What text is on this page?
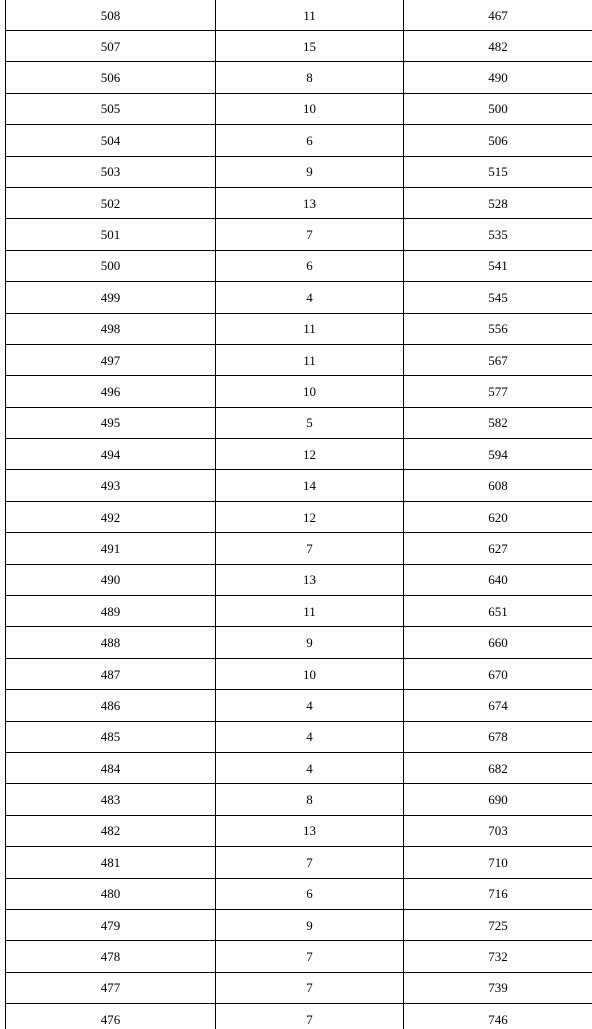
508	11	467
507	15	482
506	8	490
505	10	500
504	6	506
503	9	515
502	13	528
501	7	535
500	6	541
499	4	545
498	11	556
497	11	567
496	10	577
495	5	582
494	12	594
493	14	608
492	12	620
491	7	627
490	13	640
489	11	651
488	9	660
487	10	670
486	4	674
485	4	678
484	4	682
483	8	690
482	13	703
481	7	710
480	6	716
479	9	725
478	7	732
477	7	739
476	7	746
